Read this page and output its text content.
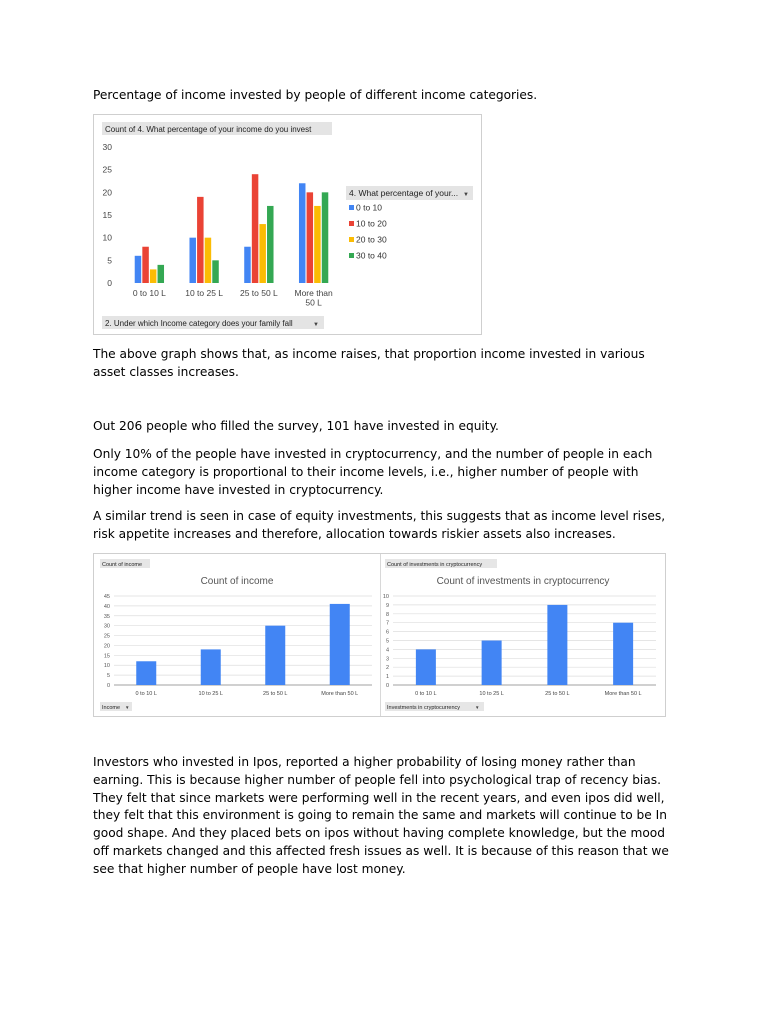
Percentage of income invested by people of different income categories.

Count of 4. What percentage of your income do you invest
0
5
10
15
20
25
30
0 to 10 L 10 to 25 L 25 to 50 L More than
50 L
4. What percentage of your... ▼
0 to 10
10 to 20
20 to 30
30 to 40
2. Under which Income category does your family fall	▼

The above graph shows that, as income raises, that proportion income invested in various asset classes increases.

Out 206 people who filled the survey, 101 have invested in equity.

Only 10% of the people have invested in cryptocurrency, and the number of people in each income category is proportional to their income levels, i.e., higher number of people with higher income have invested in cryptocurrency.

A similar trend is seen in case of equity investments, this suggests that as income level rises, risk appetite increases and therefore, allocation towards riskier assets also increases.

Count of income
Count of income
0
5
10
15
20
25
30
35
40
45
0 to 10 L	10 to 25 L	25 to 50 L	More than 50 L
Income ▼
Count of investments in cryptocurrency
Count of investments in cryptocurrency
0
1
2
3
4
5
6
7
8
9
10
0 to 10 L	10 to 25 L	25 to 50 L	More than 50 L
Investments in cryptocurrency	▼

Investors who invested in Ipos, reported a higher probability of losing money rather than earning. This is because higher number of people fell into psychological trap of recency bias. They felt that since markets were performing well in the recent years, and even ipos did well, they felt that this environment is going to remain the same and markets will continue to be In good shape. And they placed bets on ipos without having complete knowledge, but the mood off markets changed and this affected fresh issues as well. It is because of this reason that we see that higher number of people have lost money.
